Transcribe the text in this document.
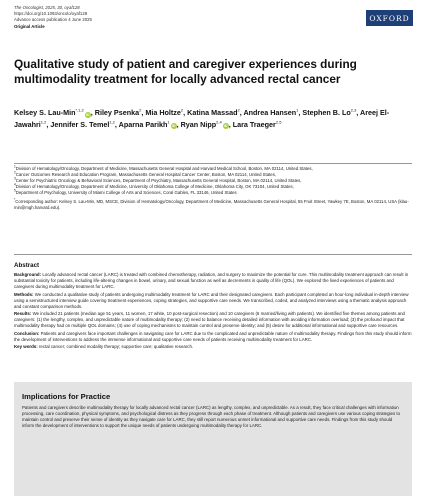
The Oncologist, 2025, 30, oyaf128
https://doi.org/10.1093/oncolo/oyaf128
Advance access publication 4 June 2025
Original Article
OXFORD
Qualitative study of patient and caregiver experiences during multimodality treatment for locally advanced rectal cancer
Kelsey S. Lau-Min$^{*,1,2}$iD, Riley Psenka$^2$, Mia Holtze$^2$, Katina Massad$^2$, Andrea Hansen$^1$, Stephen B. Lo$^{2,3}$, Areej El-Jawahri$^{1,2}$, Jennifer S. Temel$^{1,2}$, Aparna Parikh$^1$iD, Ryan Nipp$^{2,4}$iD, Lara Traeger$^{2,5}$
$^1$Division of Hematology/Oncology, Department of Medicine, Massachusetts General Hospital and Harvard Medical School, Boston, MA 02114, United States,
$^2$Cancer Outcomes Research and Education Program, Massachusetts General Hospital Cancer Center, Boston, MA 02114, United States,
$^3$Center for Psychiatric Oncology & Behavioral Sciences, Department of Psychiatry, Massachusetts General Hospital, Boston, MA 02114, United States,
$^4$Division of Hematology/Oncology, Department of Medicine, University of Oklahoma College of Medicine, Oklahoma City, OK 73104, United States,
$^5$Department of Psychology, University of Miami College of Arts and Sciences, Coral Gables, FL 33146, United States
*Corresponding author: Kelsey S. Lau-Min, MD, MSCE, Division of Hematology/Oncology, Department of Medicine, Massachusetts General Hospital, 55 Fruit Street, Yawkey 7E, Boston, MA 02114, USA (klau-min@mgh.harvard.edu).
Abstract

Background: Locally advanced rectal cancer (LARC) is treated with combined chemotherapy, radiation, and surgery to maximize the potential for cure. This multimodality treatment approach can result in substantial toxicity for patients, including life-altering changes in bowel, urinary, and sexual function as well as decrements in quality of life (QOL). We explored the lived experiences of patients and caregivers during multimodality treatment for LARC.

Methods: We conducted a qualitative study of patients undergoing multimodality treatment for LARC and their designated caregivers. Each participant completed an hour-long individual in-depth interview using a semistructured interview guide covering treatment experiences, coping strategies, and supportive care needs. We transcribed, coded, and analyzed interviews using a thematic analysis approach and constant comparison methods.

Results: We included 21 patients (median age 51 years, 11 women, 17 white, 10 post-surgical resection) and 10 caregivers (6 married/living with patients). We identified five themes among patients and caregivers: (1) the lengthy, complex, and unpredictable nature of multimodality therapy; (2) need to balance receiving detailed information with avoiding information overload; (3) the profound impact that multimodality therapy had on multiple QOL domains; (4) use of coping mechanisms to maintain control and preserve identity; and (5) desire for additional informational and supportive care resources.

Conclusion: Patients and caregivers face important challenges in navigating care for LARC due to the complicated and unpredictable nature of multimodality therapy. Findings from this study should inform the development of interventions to address the immense informational and supportive care needs of patients receiving multimodality treatment for LARC.

Key words: rectal cancer; combined modality therapy; supportive care; qualitative research.

Implications for Practice

Patients and caregivers describe multimodality therapy for locally advanced rectal cancer (LARC) as lengthy, complex, and unpredictable. As a result, they face critical challenges with information processing, care coordination, physical symptoms, and psychological distress as they progress through each phase of treatment. Although patients and caregivers use various coping strategies to maintain control and preserve their sense of identity as they navigate care for LARC, they still report numerous unmet informational and supportive care needs. Findings from this study should inform the development of interventions to support the unique needs of patients undergoing multimodality therapy for LARC.
